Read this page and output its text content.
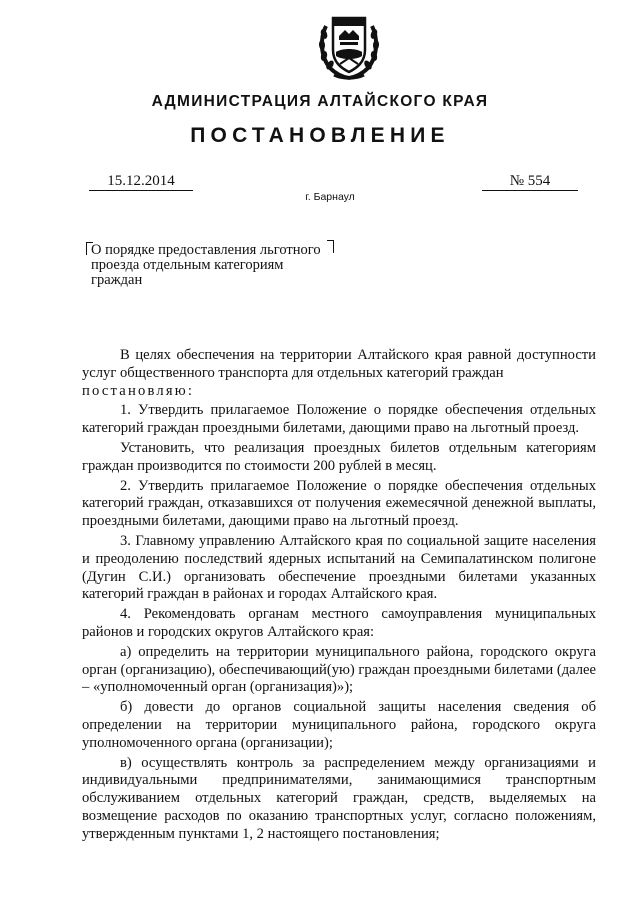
АДМИНИСТРАЦИЯ АЛТАЙСКОГО КРАЯ
ПОСТАНОВЛЕНИЕ
15.12.2014	№ 554
г. Барнаул
О порядке предоставления льготного проезда отдельным категориям граждан

В целях обеспечения на территории Алтайского края равной доступности услуг общественного транспорта для отдельных категорий граждан

постановляю:

1. Утвердить прилагаемое Положение о порядке обеспечения отдельных категорий граждан проездными билетами, дающими право на льготный проезд.

Установить, что реализация проездных билетов отдельным категориям граждан производится по стоимости 200 рублей в месяц.

2. Утвердить прилагаемое Положение о порядке обеспечения отдельных категорий граждан, отказавшихся от получения ежемесячной денежной выплаты, проездными билетами, дающими право на льготный проезд.

3. Главному управлению Алтайского края по социальной защите населения и преодолению последствий ядерных испытаний на Семипалатинском полигоне (Дугин С.И.) организовать обеспечение проездными билетами указанных категорий граждан в районах и городах Алтайского края.

4. Рекомендовать органам местного самоуправления муниципальных районов и городских округов Алтайского края:

а) определить на территории муниципального района, городского округа орган (организацию), обеспечивающий(ую) граждан проездными билетами (далее – «уполномоченный орган (организация)»);

б) довести до органов социальной защиты населения сведения об определении на территории муниципального района, городского округа уполномоченного органа (организации);

в) осуществлять контроль за распределением между организациями и индивидуальными предпринимателями, занимающимися транспортным обслуживанием отдельных категорий граждан, средств, выделяемых на возмещение расходов по оказанию транспортных услуг, согласно положениям, утвержденным пунктами 1, 2 настоящего постановления;
